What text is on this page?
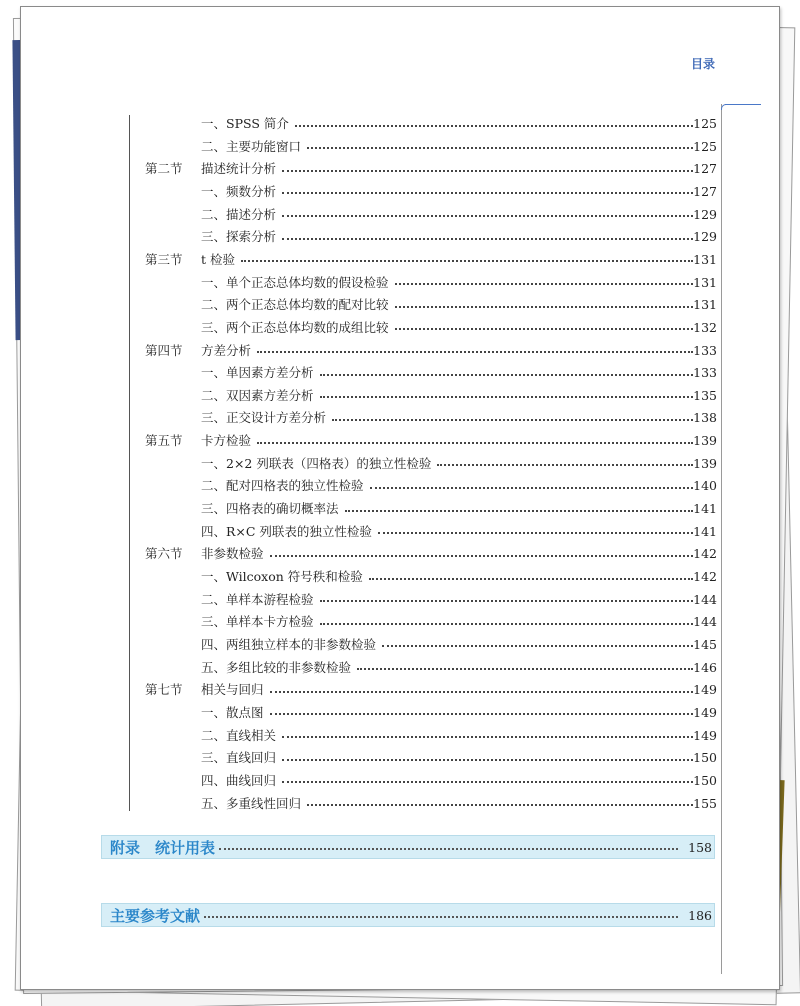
目录
一、SPSS 简介	125
二、主要功能窗口	125
第二节	描述统计分析	127
一、频数分析	127
二、描述分析	129
三、探索分析	129
第三节	t 检验	131
一、单个正态总体均数的假设检验	131
二、两个正态总体均数的配对比较	131
三、两个正态总体均数的成组比较	132
第四节	方差分析	133
一、单因素方差分析	133
二、双因素方差分析	135
三、正交设计方差分析	138
第五节	卡方检验	139
一、2×2 列联表（四格表）的独立性检验	139
二、配对四格表的独立性检验	140
三、四格表的确切概率法	141
四、R×C 列联表的独立性检验	141
第六节	非参数检验	142
一、Wilcoxon 符号秩和检验	142
二、单样本游程检验	144
三、单样本卡方检验	144
四、两组独立样本的非参数检验	145
五、多组比较的非参数检验	146
第七节	相关与回归	149
一、散点图	149
二、直线相关	149
三、直线回归	150
四、曲线回归	150
五、多重线性回归	155
附录　统计用表	158
主要参考文献	186
